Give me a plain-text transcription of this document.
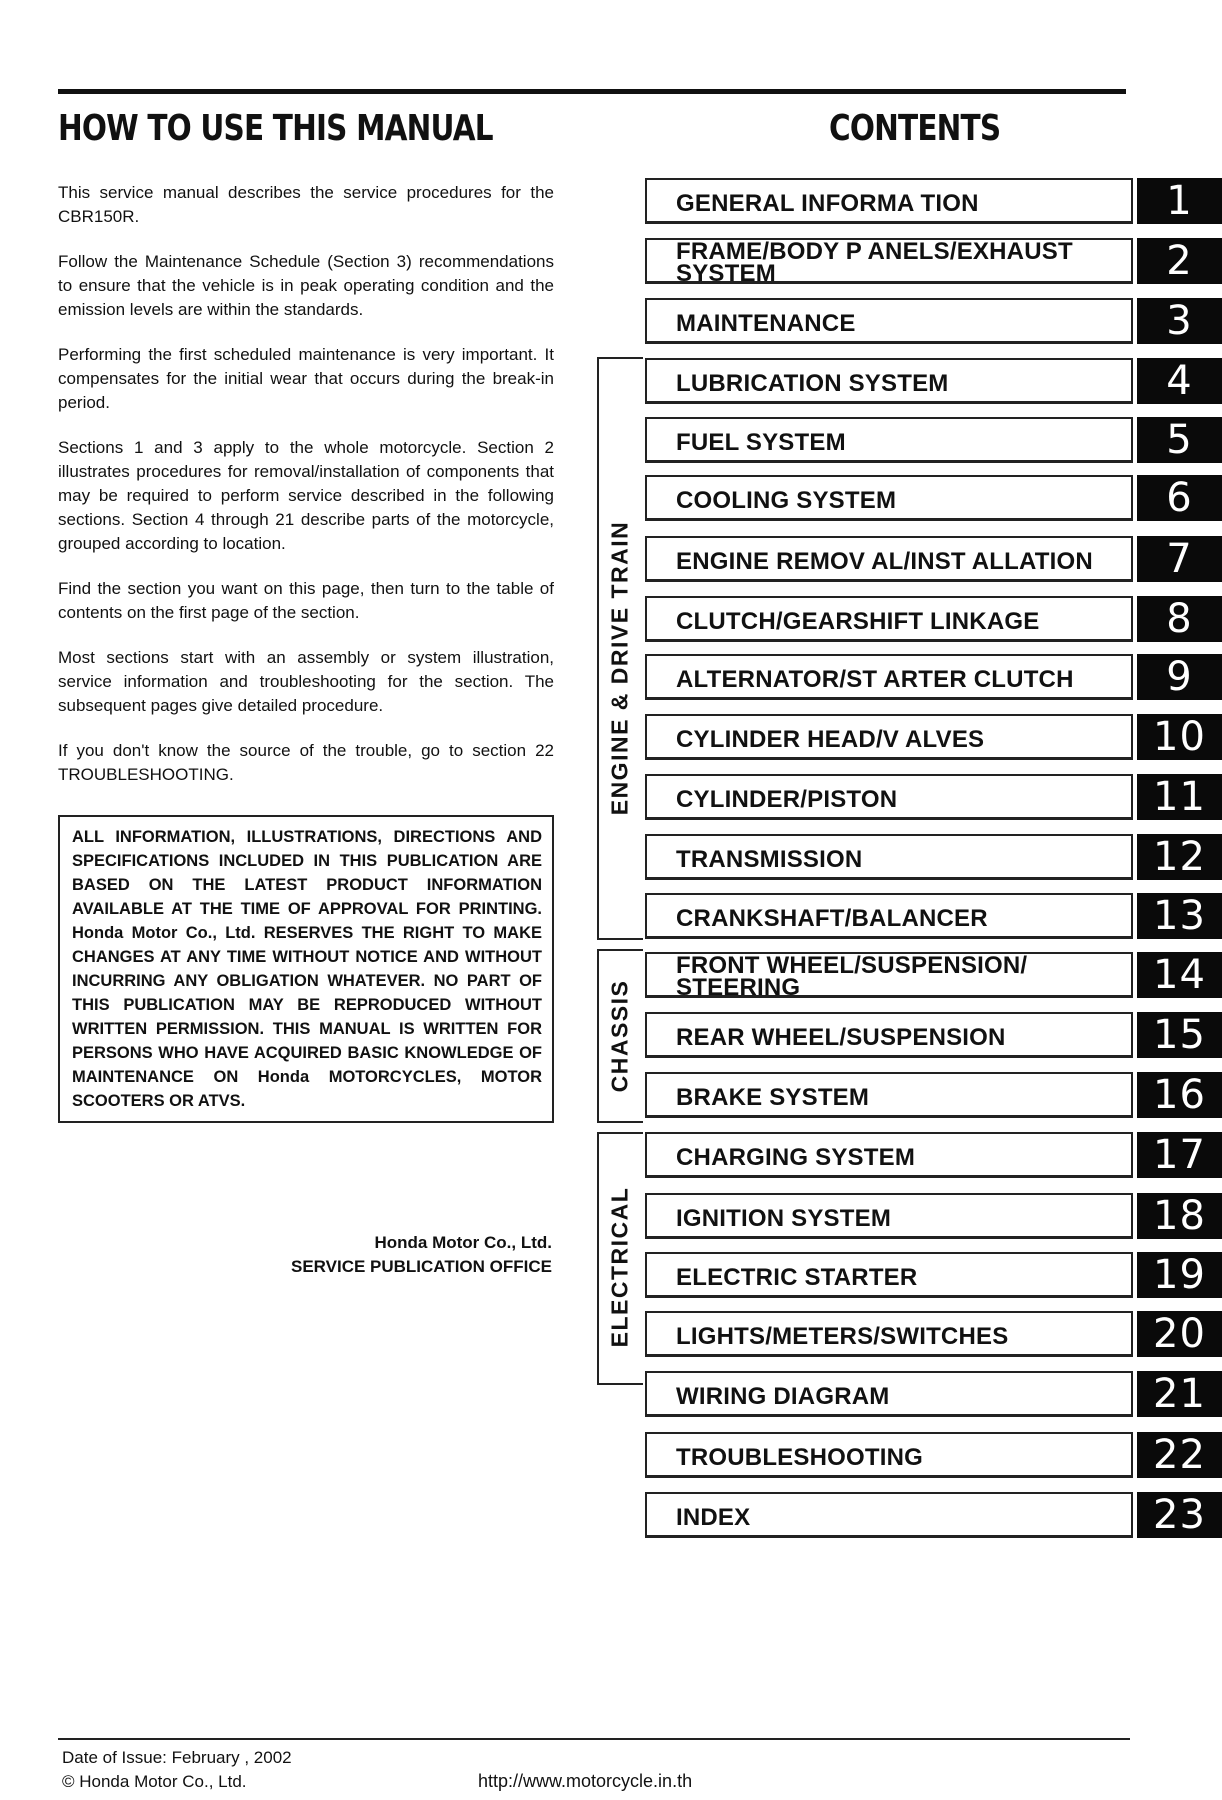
HOW TO USE THIS MANUAL	CONTENTS

This service manual describes the service procedures for the CBR150R.

Follow the Maintenance Schedule (Section 3) recommendations to ensure that the vehicle is in peak operating condition and the emission levels are within the standards.

Performing the first scheduled maintenance is very important. It compensates for the initial wear that occurs during the break-in period.

Sections 1 and 3 apply to the whole motorcycle. Section 2 illustrates procedures for removal/installation of components that may be required to perform service described in the following sections. Section 4 through 21 describe parts of the motorcycle, grouped according to location.

Find the section you want on this page, then turn to the table of contents on the first page of the section.

Most sections start with an assembly or system illustration, service information and troubleshooting for the section. The subsequent pages give detailed procedure.

If you don't know the source of the trouble, go to section 22 TROUBLESHOOTING.

ALL INFORMATION, ILLUSTRATIONS, DIRECTIONS AND SPECIFICATIONS INCLUDED IN THIS PUBLICATION ARE BASED ON THE LATEST PRODUCT INFORMATION AVAILABLE AT THE TIME OF APPROVAL FOR PRINTING. Honda Motor Co., Ltd. RESERVES THE RIGHT TO MAKE CHANGES AT ANY TIME WITHOUT NOTICE AND WITHOUT INCURRING ANY OBLIGATION WHATEVER. NO PART OF THIS PUBLICATION MAY BE REPRODUCED WITHOUT WRITTEN PERMISSION. THIS MANUAL IS WRITTEN FOR PERSONS WHO HAVE ACQUIRED BASIC KNOWLEDGE OF MAINTENANCE ON Honda MOTORCYCLES, MOTOR SCOOTERS OR ATVS.
Honda Motor Co., Ltd.
SERVICE PUBLICATION OFFICE
ENGINE & DRIVE TRAIN
CHASSIS
ELECTRICAL
GENERAL INFORMA TION	1
FRAME/BODY P ANELS/EXHAUST SYSTEM	2
MAINTENANCE	3
LUBRICATION SYSTEM	4
FUEL SYSTEM	5
COOLING SYSTEM	6
ENGINE REMOV AL/INST ALLATION	7
CLUTCH/GEARSHIFT LINKAGE	8
ALTERNATOR/ST ARTER CLUTCH	9
CYLINDER HEAD/V ALVES	10
CYLINDER/PISTON	11
TRANSMISSION	12
CRANKSHAFT/BALANCER	13
FRONT WHEEL/SUSPENSION/ STEERING	14
REAR WHEEL/SUSPENSION	15
BRAKE SYSTEM	16
CHARGING SYSTEM	17
IGNITION SYSTEM	18
ELECTRIC STARTER	19
LIGHTS/METERS/SWITCHES	20
WIRING DIAGRAM	21
TROUBLESHOOTING	22
INDEX	23
Date of Issue: February , 2002
© Honda Motor Co., Ltd.	http://www.motorcycle.in.th
